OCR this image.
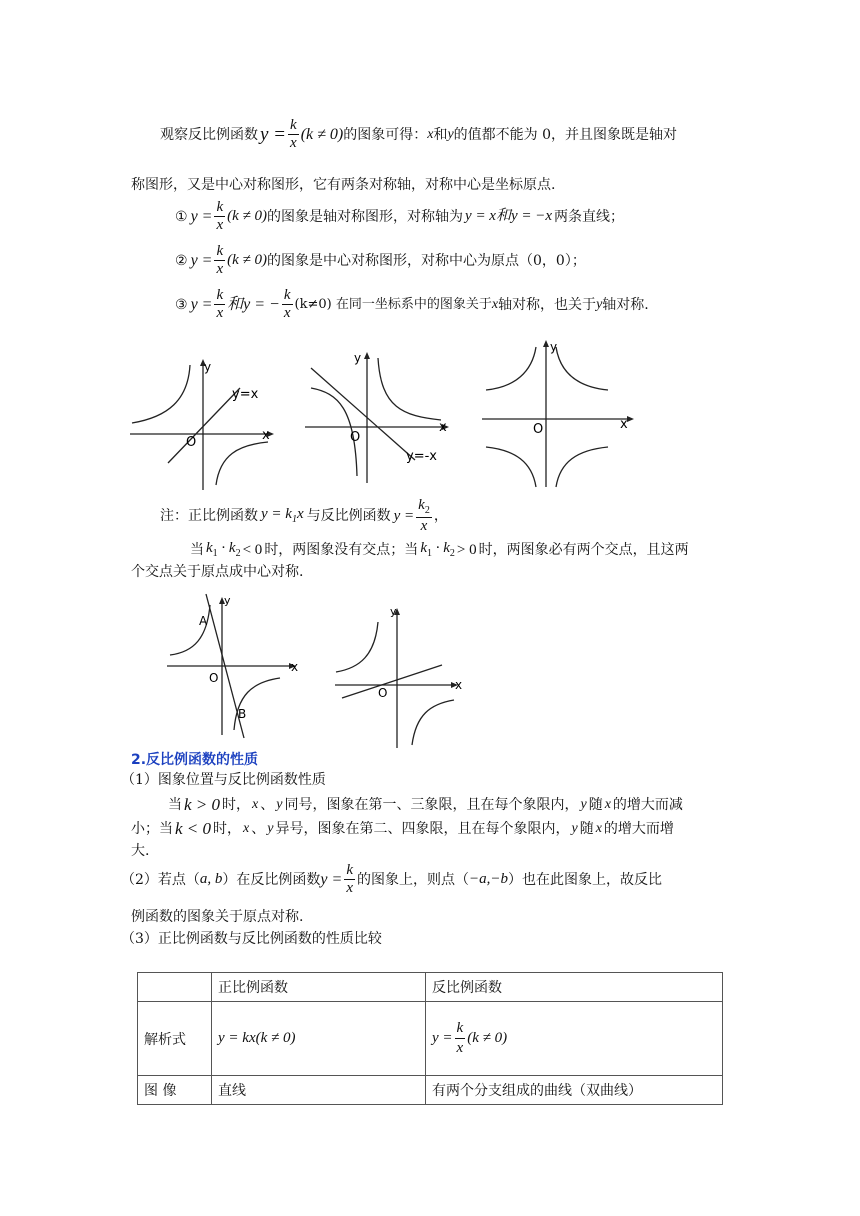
观察反比例函数 $y = \frac{k}{x} (k \ne 0)$ 的图象可得： x 和 y 的值都不能为 0，并且图象既是轴对
称图形，又是中心对称图形，它有两条对称轴，对称中心是坐标原点.
① $y = \frac{k}{x} (k \ne 0)$ 的图象是轴对称图形，对称轴为 y = x和y = −x 两条直线；
② $y = \frac{k}{x} (k \ne 0)$ 的图象是中心对称图形，对称中心为原点（0，0）；
③ $y = \frac{k}{x}$ 和y = − $\frac{k}{x} (k\ne 0)$ 在同一坐标系中的图象关于 x 轴对称，也关于 y 轴对称.
y
x
O
y=x
y
x
O
y=-x
y
x
O
注：正比例函数 $y = k_1x$ 与反比例函数 $y = \frac{k_2}{x}$ ，
当 $k_1 \cdot k_2 < 0$ 时，两图象没有交点；当 $k_1 \cdot k_2 > 0$ 时，两图象必有两个交点，且这两
个交点关于原点成中心对称.
y
x
O
A
B
y
x
O
2.反比例函数的性质
（1）图象位置与反比例函数性质
当 k > 0 时， x 、 y 同号，图象在第一、三象限，且在每个象限内， y 随 x 的增大而减
小；当 k < 0 时， x 、 y 异号，图象在第二、四象限，且在每个象限内， y 随 x 的增大而增
大.
（2）若点（ a, b ）在反比例函数 $y = \frac{k}{x}$ 的图象上，则点（ −a,−b ）也在此图象上，故反比
例函数的图象关于原点对称.
（3）正比例函数与反比例函数的性质比较
	正比例函数	反比例函数
解析式	y = kx(k ≠ 0)	$y = \frac{k}{x} (k \ne 0)$

图 像	直线	有两个分支组成的曲线（双曲线）
